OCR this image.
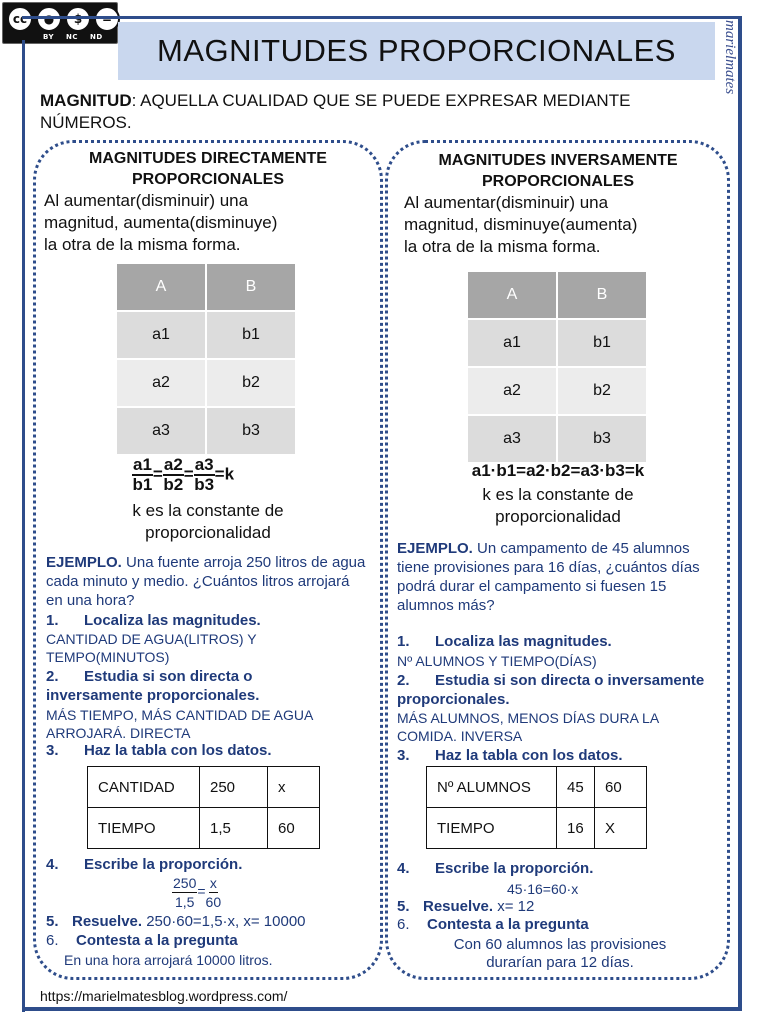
cc	●	$	=
BY NC ND MAGNITUDES PROPORCIONALES	marielmates
MAGNITUD: AQUELLA CUALIDAD QUE SE PUEDE EXPRESAR MEDIANTE NÚMEROS.
MAGNITUDES DIRECTAMENTE
PROPORCIONALES
Al aumentar(disminuir) una
magnitud, aumenta(disminuye)
la otra de la misma forma.
A	B
a1	b1
a2	b2
a3	b3
$\frac{a1}{b1} = \frac{a2}{b2} = \frac{a3}{b3} =k$
k es la constante de
proporcionalidad
EJEMPLO. Una fuente arroja 250 litros de agua cada minuto y medio. ¿Cuántos litros arrojará en una hora?
1. Localiza las magnitudes.
CANTIDAD DE AGUA(LITROS) Y TEMPO(MINUTOS)
2. Estudia si son directa o inversamente proporcionales.
MÁS TIEMPO, MÁS CANTIDAD DE AGUA ARROJARÁ. DIRECTA
3. Haz la tabla con los datos.
CANTIDAD	250	x
TIEMPO	1,5	60
4. Escribe la proporción.
$\frac{250}{1,5} = \frac{x}{60}$
5. Resuelve. 250·60=1,5·x, x= 10000
6. Contesta a la pregunta
En una hora arrojará 10000 litros.
MAGNITUDES INVERSAMENTE
PROPORCIONALES
Al aumentar(disminuir) una
magnitud, disminuye(aumenta)
la otra de la misma forma.
A	B
a1	b1
a2	b2
a3	b3
a1·b1=a2·b2=a3·b3=k
k es la constante de
proporcionalidad
EJEMPLO. Un campamento de 45 alumnos tiene provisiones para 16 días, ¿cuántos días podrá durar el campamento si fuesen 15 alumnos más?
1. Localiza las magnitudes.
Nº ALUMNOS Y TIEMPO(DÍAS)
2. Estudia si son directa o inversamente proporcionales.
MÁS ALUMNOS, MENOS DÍAS DURA LA COMIDA. INVERSA
3. Haz la tabla con los datos.
Nº ALUMNOS	45	60
TIEMPO	16	X
4. Escribe la proporción.
45·16=60·x
5. Resuelve. x= 12
6. Contesta a la pregunta
Con 60 alumnos las provisiones
durarían para 12 días.
https://marielmatesblog.wordpress.com/
